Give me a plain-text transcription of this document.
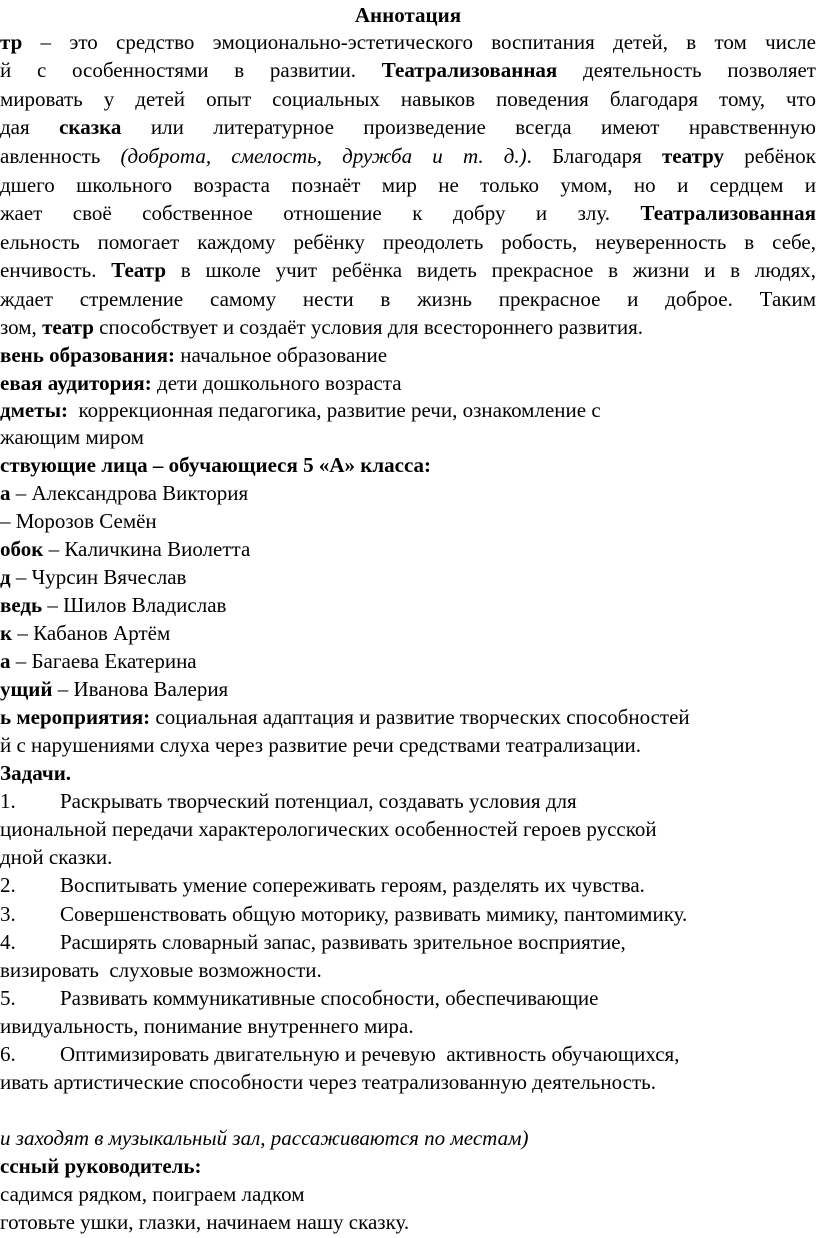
Аннотация
тр – это средство эмоционально-эстетического воспитания детей, в том числе
й с особенностями в развитии. Театрализованная деятельность позволяет
мировать у детей опыт социальных навыков поведения благодаря тому, что
дая сказка или литературное произведение всегда имеют нравственную
авленность (доброта, смелость, дружба и т. д.). Благодаря театру ребёнок
дшего школьного возраста познаёт мир не только умом, но и сердцем и
жает своё собственное отношение к добру и злу. Театрализованная
ельность помогает каждому ребёнку преодолеть робость, неуверенность в себе,
енчивость. Театр в школе учит ребёнка видеть прекрасное в жизни и в людях,
ждает стремление самому нести в жизнь прекрасное и доброе. Таким
зом, театр способствует и создаёт условия для всестороннего развития.
вень образования: начальное образование
евая аудитория: дети дошкольного возраста
дметы:  коррекционная педагогика, развитие речи, ознакомление с
жающим миром
ствующие лица – обучающиеся 5 «А» класса:
а – Александрова Виктория
– Морозов Семён
обок – Каличкина Виолетта
д – Чурсин Вячеслав
ведь – Шилов Владислав
к – Кабанов Артём
а – Багаева Екатерина
ущий – Иванова Валерия
ь мероприятия: социальная адаптация и развитие творческих способностей
й с нарушениями слуха через развитие речи средствами театрализации.
Задачи.
1. Раскрывать творческий потенциал, создавать условия для
циональной передачи характерологических особенностей героев русской
дной сказки.
2. Воспитывать умение сопереживать героям, разделять их чувства.
3. Совершенствовать общую моторику, развивать мимику, пантомимику.
4. Расширять словарный запас, развивать зрительное восприятие,
визировать  слуховые возможности.
5. Развивать коммуникативные способности, обеспечивающие
ивидуальность, понимание внутреннего мира.
6. Оптимизировать двигательную и речевую  активность обучающихся,
ивать артистические способности через театрализованную деятельность.
и заходят в музыкальный зал, рассаживаются по местам)
ссный руководитель:
садимся рядком, поиграем ладком
готовьте ушки, глазки, начинаем нашу сказку.
